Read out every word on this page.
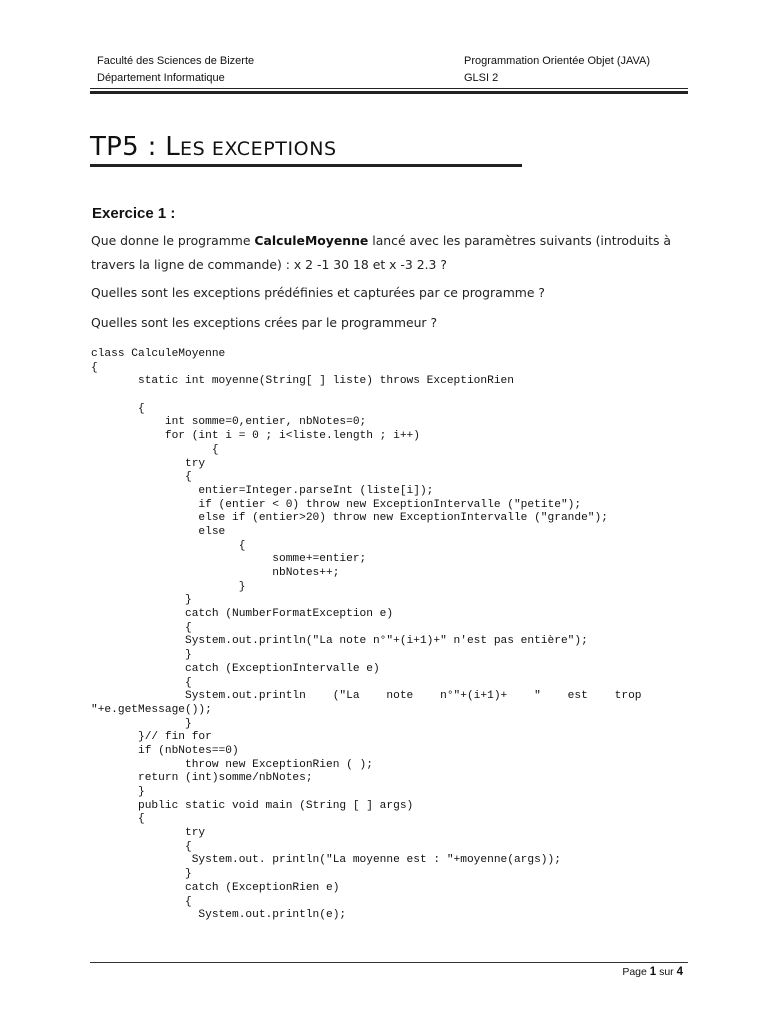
Faculté des Sciences de Bizerte
Département Informatique
Programmation Orientée Objet (JAVA)
GLSI 2
TP5 : LES EXCEPTIONS
Exercice 1 :
Que donne le programme CalculeMoyenne lancé avec les paramètres suivants (introduits à travers la ligne de commande) : x 2 -1 30 18 et x -3 2.3 ?
Quelles sont les exceptions prédéfinies et capturées par ce programme ?
Quelles sont les exceptions crées par le programmeur ?
class CalculeMoyenne
{
static int moyenne(String[ ] liste) throws ExceptionRien
{
int somme=0,entier, nbNotes=0;
for (int i = 0 ; i<liste.length ; i++)
{
try
{
entier=Integer.parseInt (liste[i]);
if (entier < 0) throw new ExceptionIntervalle ("petite");
else if (entier>20) throw new ExceptionIntervalle ("grande");
else
{
somme+=entier;
nbNotes++;
}
}
catch (NumberFormatException e)
{
System.out.println("La note n°"+(i+1)+" n'est pas entière");
}
catch (ExceptionIntervalle e)
{
System.out.println    ("La    note    n°"+(i+1)+    "    est    trop
"+e.getMessage());
}
}// fin for
if (nbNotes==0)
throw new ExceptionRien ( );
return (int)somme/nbNotes;
}
public static void main (String [ ] args)
{
try
{
System.out. println("La moyenne est : "+moyenne(args));
}
catch (ExceptionRien e)
{
System.out.println(e);
Page 1 sur 4
